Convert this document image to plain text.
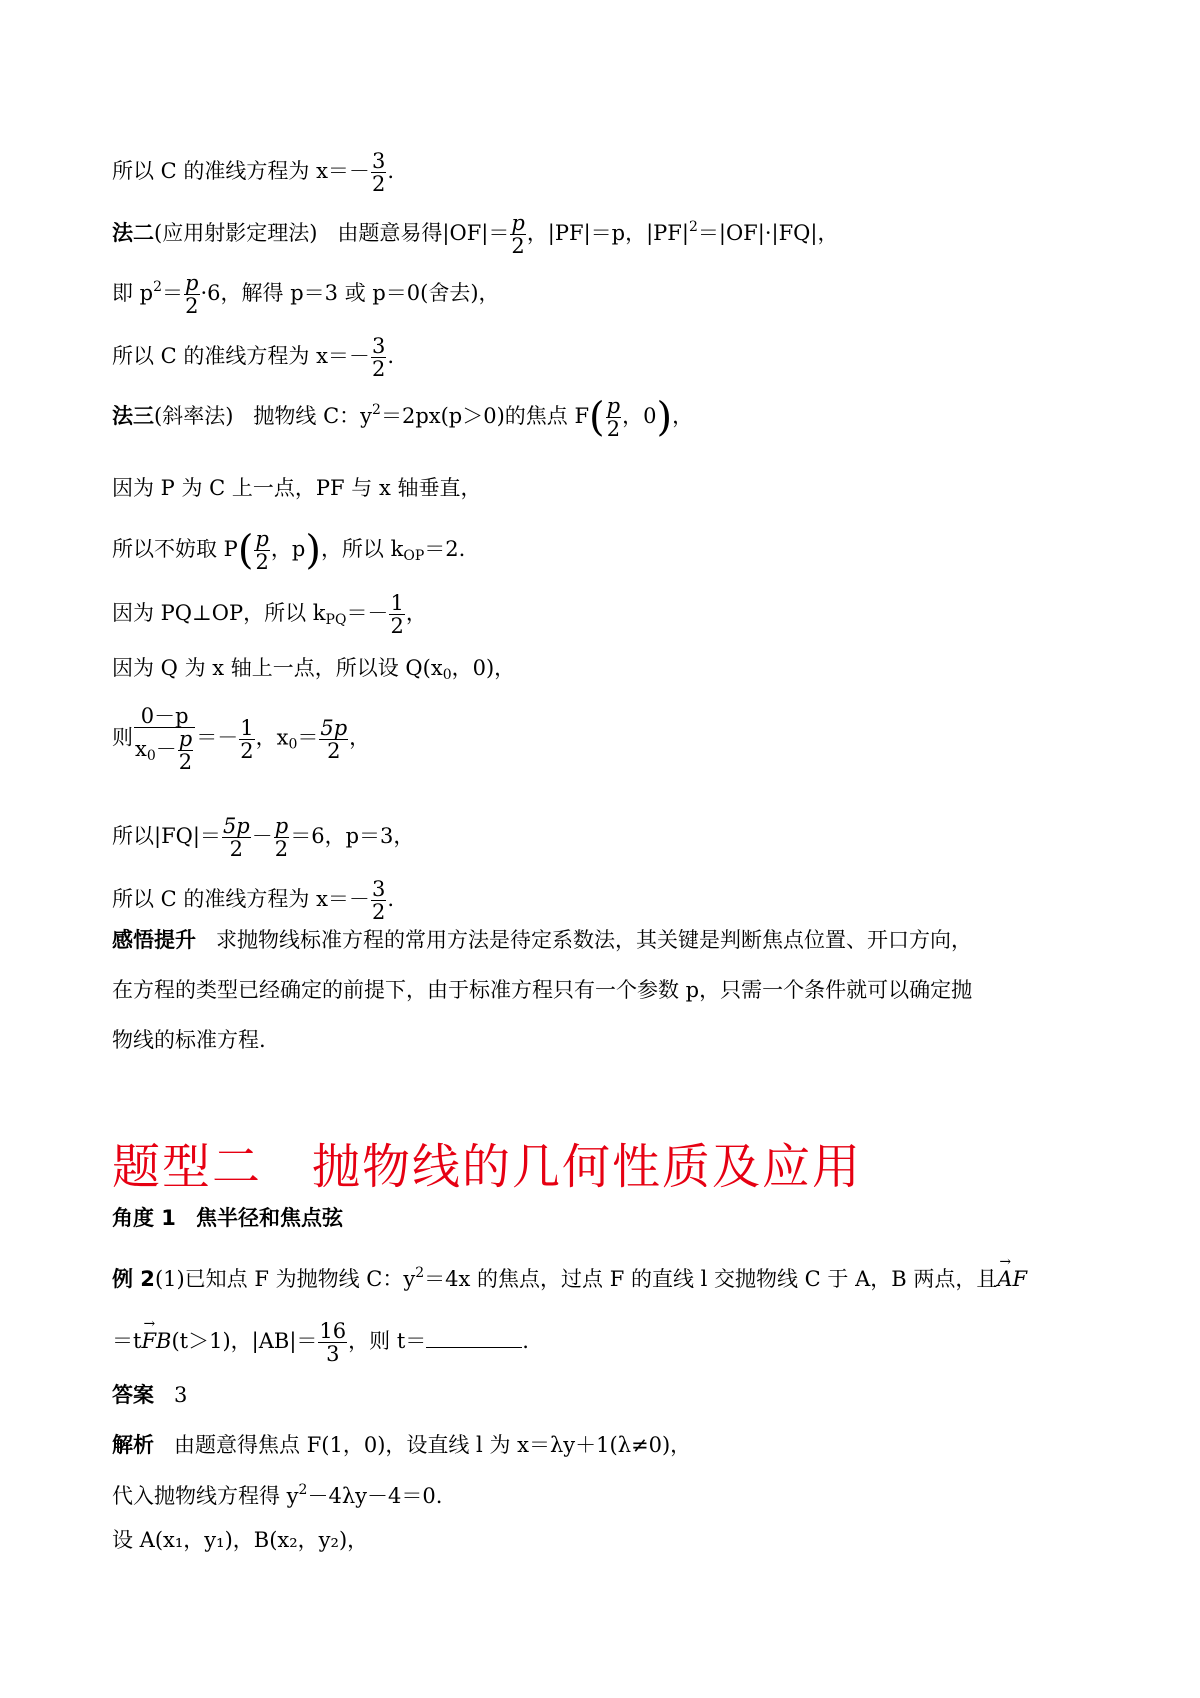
所以 C 的准线方程为 $x=- \frac{3}{2}$ .
法二(应用射影定理法) 由题意易得$|OF|= \frac{p}{2}$ ，|PF|＝p，$|PF|^2=|OF|\cdot|FQ|$，
即 $p^2= \frac{p}{2} \cdot 6$，解得 p＝3 或 p＝0(舍去)，
所以 C 的准线方程为 $x=- \frac{3}{2}$ .
法三(斜率法) 抛物线 C：$y^2=2px(p>0)$的焦点 $F( \frac{p}{2}$ ，0)，
因为 P 为 C 上一点，PF 与 x 轴垂直，
所以不妨取 $P( \frac{p}{2}$ ，p)，所以 $k_{OP}=2$.
因为 PQ⊥OP，所以 $k_{PQ}=- \frac{1}{2}$ ，
因为 Q 为 x 轴上一点，所以设 $Q(x_0$，0)，
则 $\frac{0-p}{x_0- \frac{p}{2}} =- \frac{1}{2}$ ，$x_0= \frac{5p}{2}$ ，
所以$|FQ|= \frac{5p}{2} - \frac{p}{2} =6$，p＝3，
所以 C 的准线方程为 $x=- \frac{3}{2}$ .
感悟提升 求抛物线标准方程的常用方法是待定系数法，其关键是判断焦点位置、开口方向，
在方程的类型已经确定的前提下，由于标准方程只有一个参数 p，只需一个条件就可以确定抛
物线的标准方程.
题型二　抛物线的几何性质及应用
角度 1 焦半径和焦点弦
例 2(1)已知点 F 为抛物线 C：$y^2=4x$ 的焦点，过点 F 的直线 l 交抛物线 C 于 A，B 两点，且→ AF
＝t→ FB(t＞1)，$|AB|= \frac{16}{3}$ ，则 t＝	.
答案 3
解析 由题意得焦点 F(1，0)，设直线 l 为 x＝λy＋1(λ≠0)，
代入抛物线方程得 $y^2-4\lambda y-4=0$.
设 A(x₁，y₁)，B(x₂，y₂)，
